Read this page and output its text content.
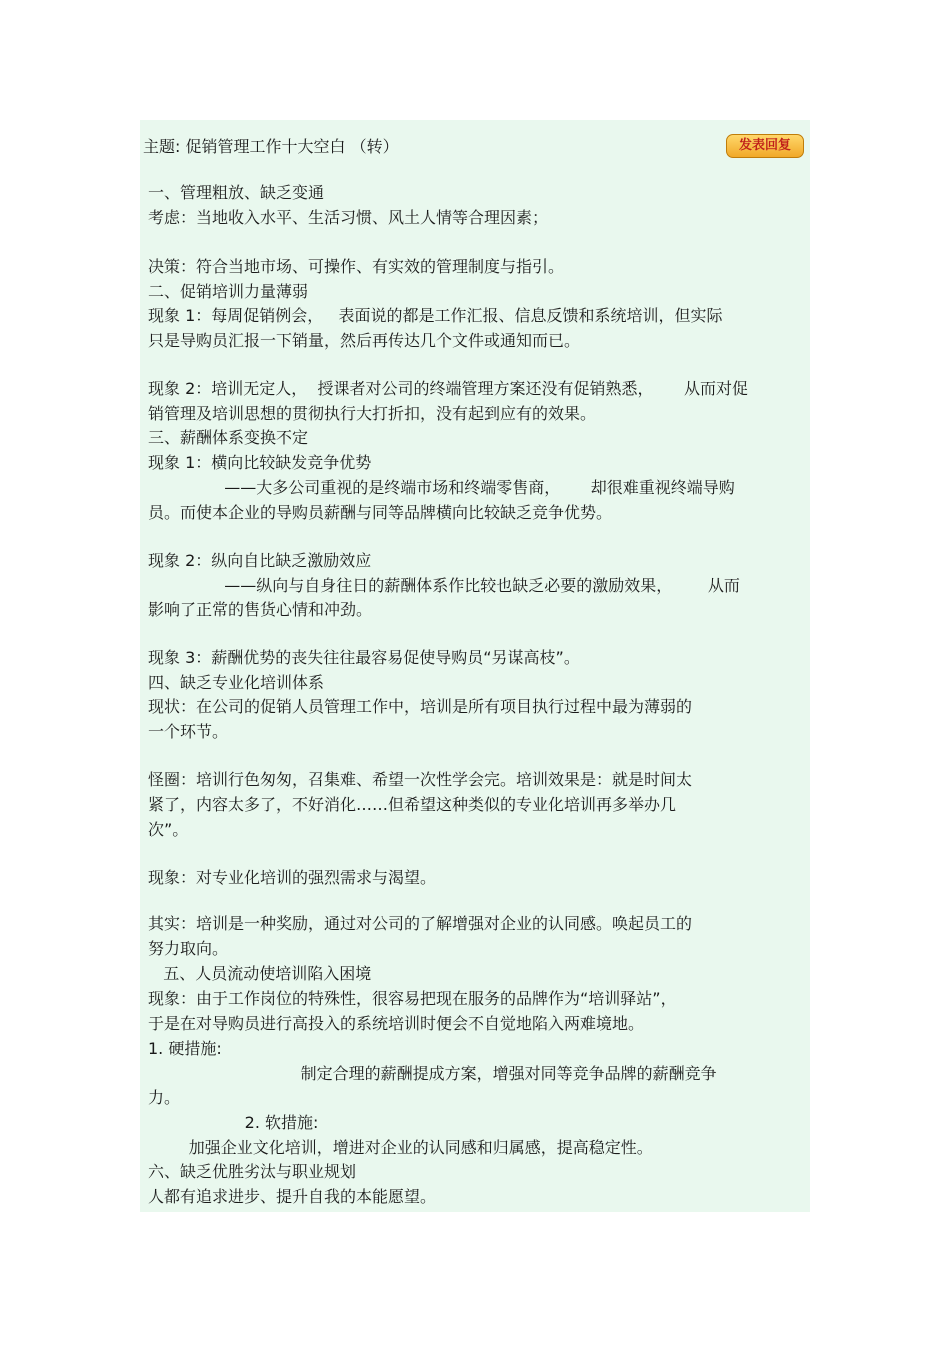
主题: 促销管理工作十大空白 （转）	发表回复
一、管理粗放、缺乏变通
考虑：当地收入水平、生活习惯、风土人情等合理因素；
决策：符合当地市场、可操作、有实效的管理制度与指引。
二、促销培训力量薄弱
现象 1：每周促销例会，   表面说的都是工作汇报、信息反馈和系统培训，但实际
只是导购员汇报一下销量，然后再传达几个文件或通知而已。
现象 2：培训无定人，  授课者对公司的终端管理方案还没有促销熟悉，      从而对促
销管理及培训思想的贯彻执行大打折扣，没有起到应有的效果。
三、薪酬体系变换不定
现象 1：横向比较缺发竞争优势
——大多公司重视的是终端市场和终端零售商，      却很难重视终端导购
员。而使本企业的导购员薪酬与同等品牌横向比较缺乏竞争优势。
现象 2：纵向自比缺乏激励效应
——纵向与自身往日的薪酬体系作比较也缺乏必要的激励效果，       从而
影响了正常的售货心情和冲劲。
现象 3：薪酬优势的丧失往往最容易促使导购员“另谋高枝”。
四、缺乏专业化培训体系
现状：在公司的促销人员管理工作中，培训是所有项目执行过程中最为薄弱的
一个环节。
怪圈：培训行色匆匆，召集难、希望一次性学会完。培训效果是：就是时间太
紧了，内容太多了，不好消化……但希望这种类似的专业化培训再多举办几
次”。
现象：对专业化培训的强烈需求与渴望。
其实：培训是一种奖励，通过对公司的了解增强对企业的认同感。唤起员工的
努力取向。
五、人员流动使培训陷入困境
现象：由于工作岗位的特殊性，很容易把现在服务的品牌作为“培训驿站”，
于是在对导购员进行高投入的系统培训时便会不自觉地陷入两难境地。
1. 硬措施:
制定合理的薪酬提成方案，增强对同等竞争品牌的薪酬竞争
力。
2. 软措施:
加强企业文化培训，增进对企业的认同感和归属感，提高稳定性。
六、缺乏优胜劣汰与职业规划
人都有追求进步、提升自我的本能愿望。
